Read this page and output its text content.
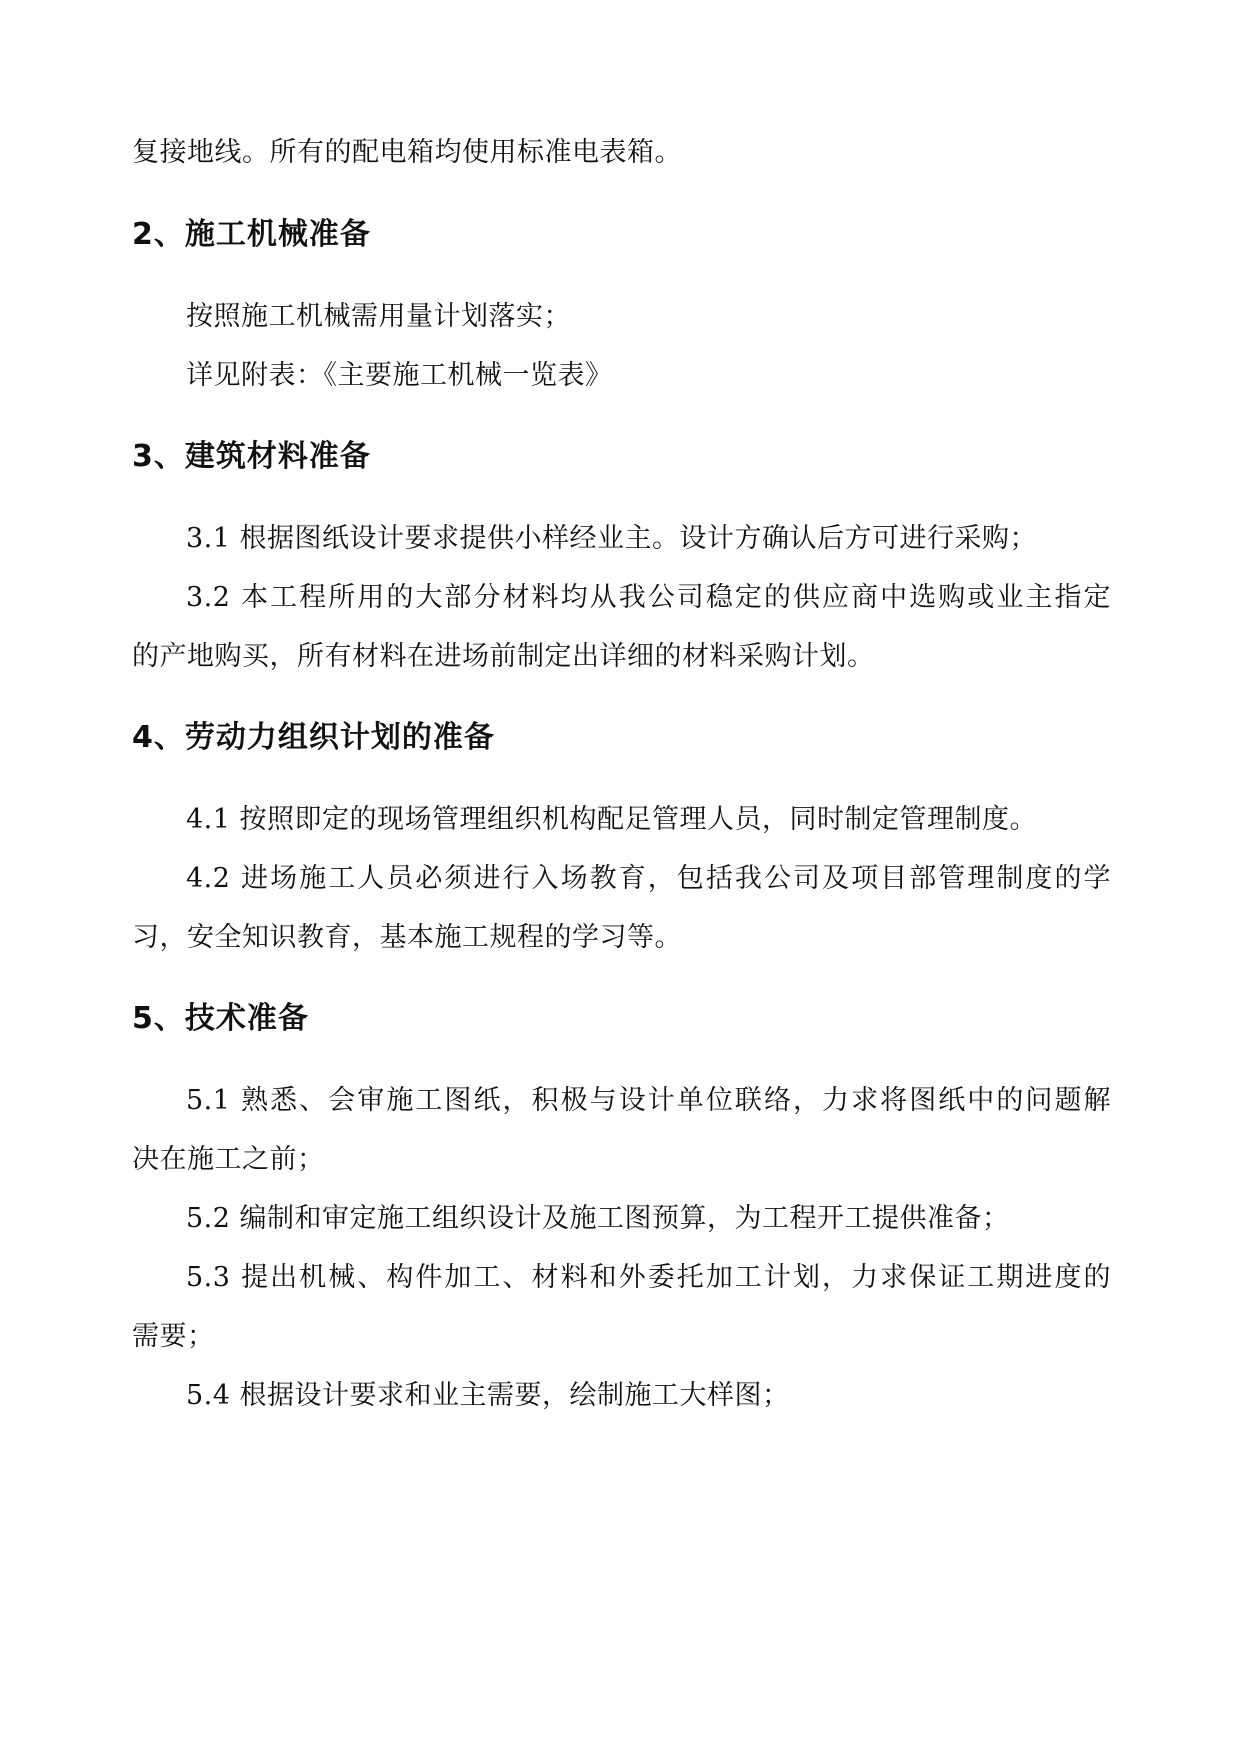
复接地线。所有的配电箱均使用标准电表箱。
2、施工机械准备
按照施工机械需用量计划落实；
详见附表：《主要施工机械一览表》
3、建筑材料准备
3.1 根据图纸设计要求提供小样经业主。设计方确认后方可进行采购；
3.2 本工程所用的大部分材料均从我公司稳定的供应商中选购或业主指定
的产地购买，所有材料在进场前制定出详细的材料采购计划。
4、劳动力组织计划的准备
4.1 按照即定的现场管理组织机构配足管理人员，同时制定管理制度。
4.2 进场施工人员必须进行入场教育，包括我公司及项目部管理制度的学
习，安全知识教育，基本施工规程的学习等。
5、技术准备
5.1 熟悉、会审施工图纸，积极与设计单位联络，力求将图纸中的问题解
决在施工之前；
5.2 编制和审定施工组织设计及施工图预算，为工程开工提供准备；
5.3 提出机械、构件加工、材料和外委托加工计划，力求保证工期进度的
需要；
5.4 根据设计要求和业主需要，绘制施工大样图；
